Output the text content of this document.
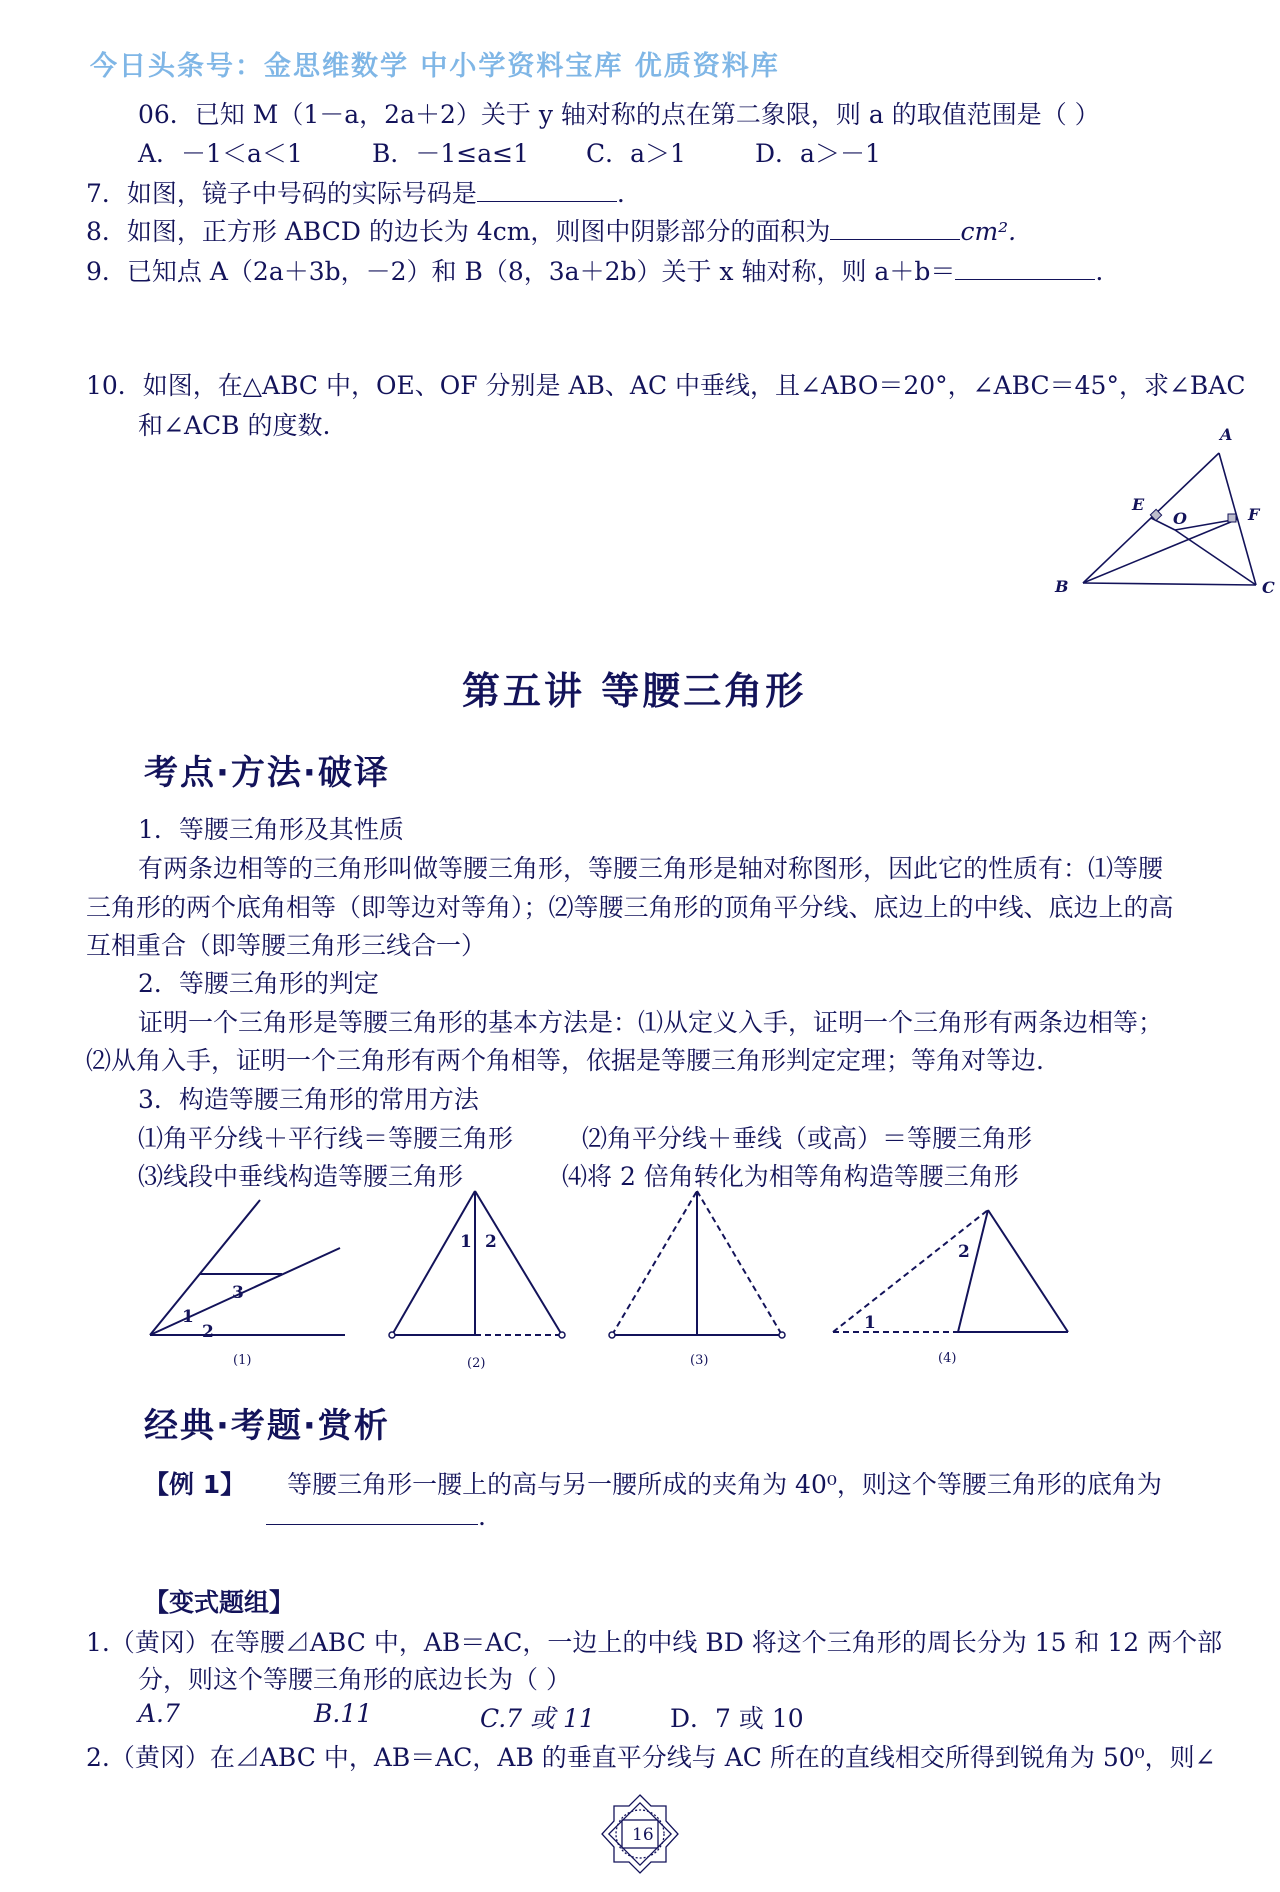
今日头条号：金思维数学 中小学资料宝库 优质资料库
06．已知 M（1－a，2a＋2）关于 y 轴对称的点在第二象限，则 a 的取值范围是（ ）
A．－1＜a＜1	B．－1≤a≤1 C．a＞1	D．a＞－1
7．如图，镜子中号码的实际号码是	.
8．如图，正方形 ABCD 的边长为 4cm，则图中阴影部分的面积为	cm².
9．已知点 A（2a＋3b，－2）和 B（8，3a＋2b）关于 x 轴对称，则 a＋b＝	.
10．如图，在△ABC 中，OE、OF 分别是 AB、AC 中垂线，且∠ABO＝20°，∠ABC＝45°，求∠BAC
和∠ACB 的度数.	A
B	C
E
F
O
第五讲 等腰三角形
考点·方法·破译
1．等腰三角形及其性质
有两条边相等的三角形叫做等腰三角形，等腰三角形是轴对称图形，因此它的性质有：⑴等腰
三角形的两个底角相等（即等边对等角）；⑵等腰三角形的顶角平分线、底边上的中线、底边上的高
互相重合（即等腰三角形三线合一）
2．等腰三角形的判定
证明一个三角形是等腰三角形的基本方法是：⑴从定义入手，证明一个三角形有两条边相等；
⑵从角入手，证明一个三角形有两个角相等，依据是等腰三角形判定定理；等角对等边.
3．构造等腰三角形的常用方法
⑴角平分线＋平行线＝等腰三角形	⑵角平分线＋垂线（或高）＝等腰三角形
⑶线段中垂线构造等腰三角形	⑷将 2 倍角转化为相等角构造等腰三角形
1
2
3
1 2
1
2
(1)	(2)	(3)	(4)
经典·考题·赏析
【例 1】 等腰三角形一腰上的高与另一腰所成的夹角为 40⁰，则这个等腰三角形的底角为
.
【变式题组】
1.（黄冈）在等腰⊿ABC 中，AB＝AC，一边上的中线 BD 将这个三角形的周长分为 15 和 12 两个部
分，则这个等腰三角形的底边长为（ ）
A.7	B.11	C.7 或 11	D．7 或 10
2.（黄冈）在⊿ABC 中，AB＝AC，AB 的垂直平分线与 AC 所在的直线相交所得到锐角为 50⁰，则∠
16
